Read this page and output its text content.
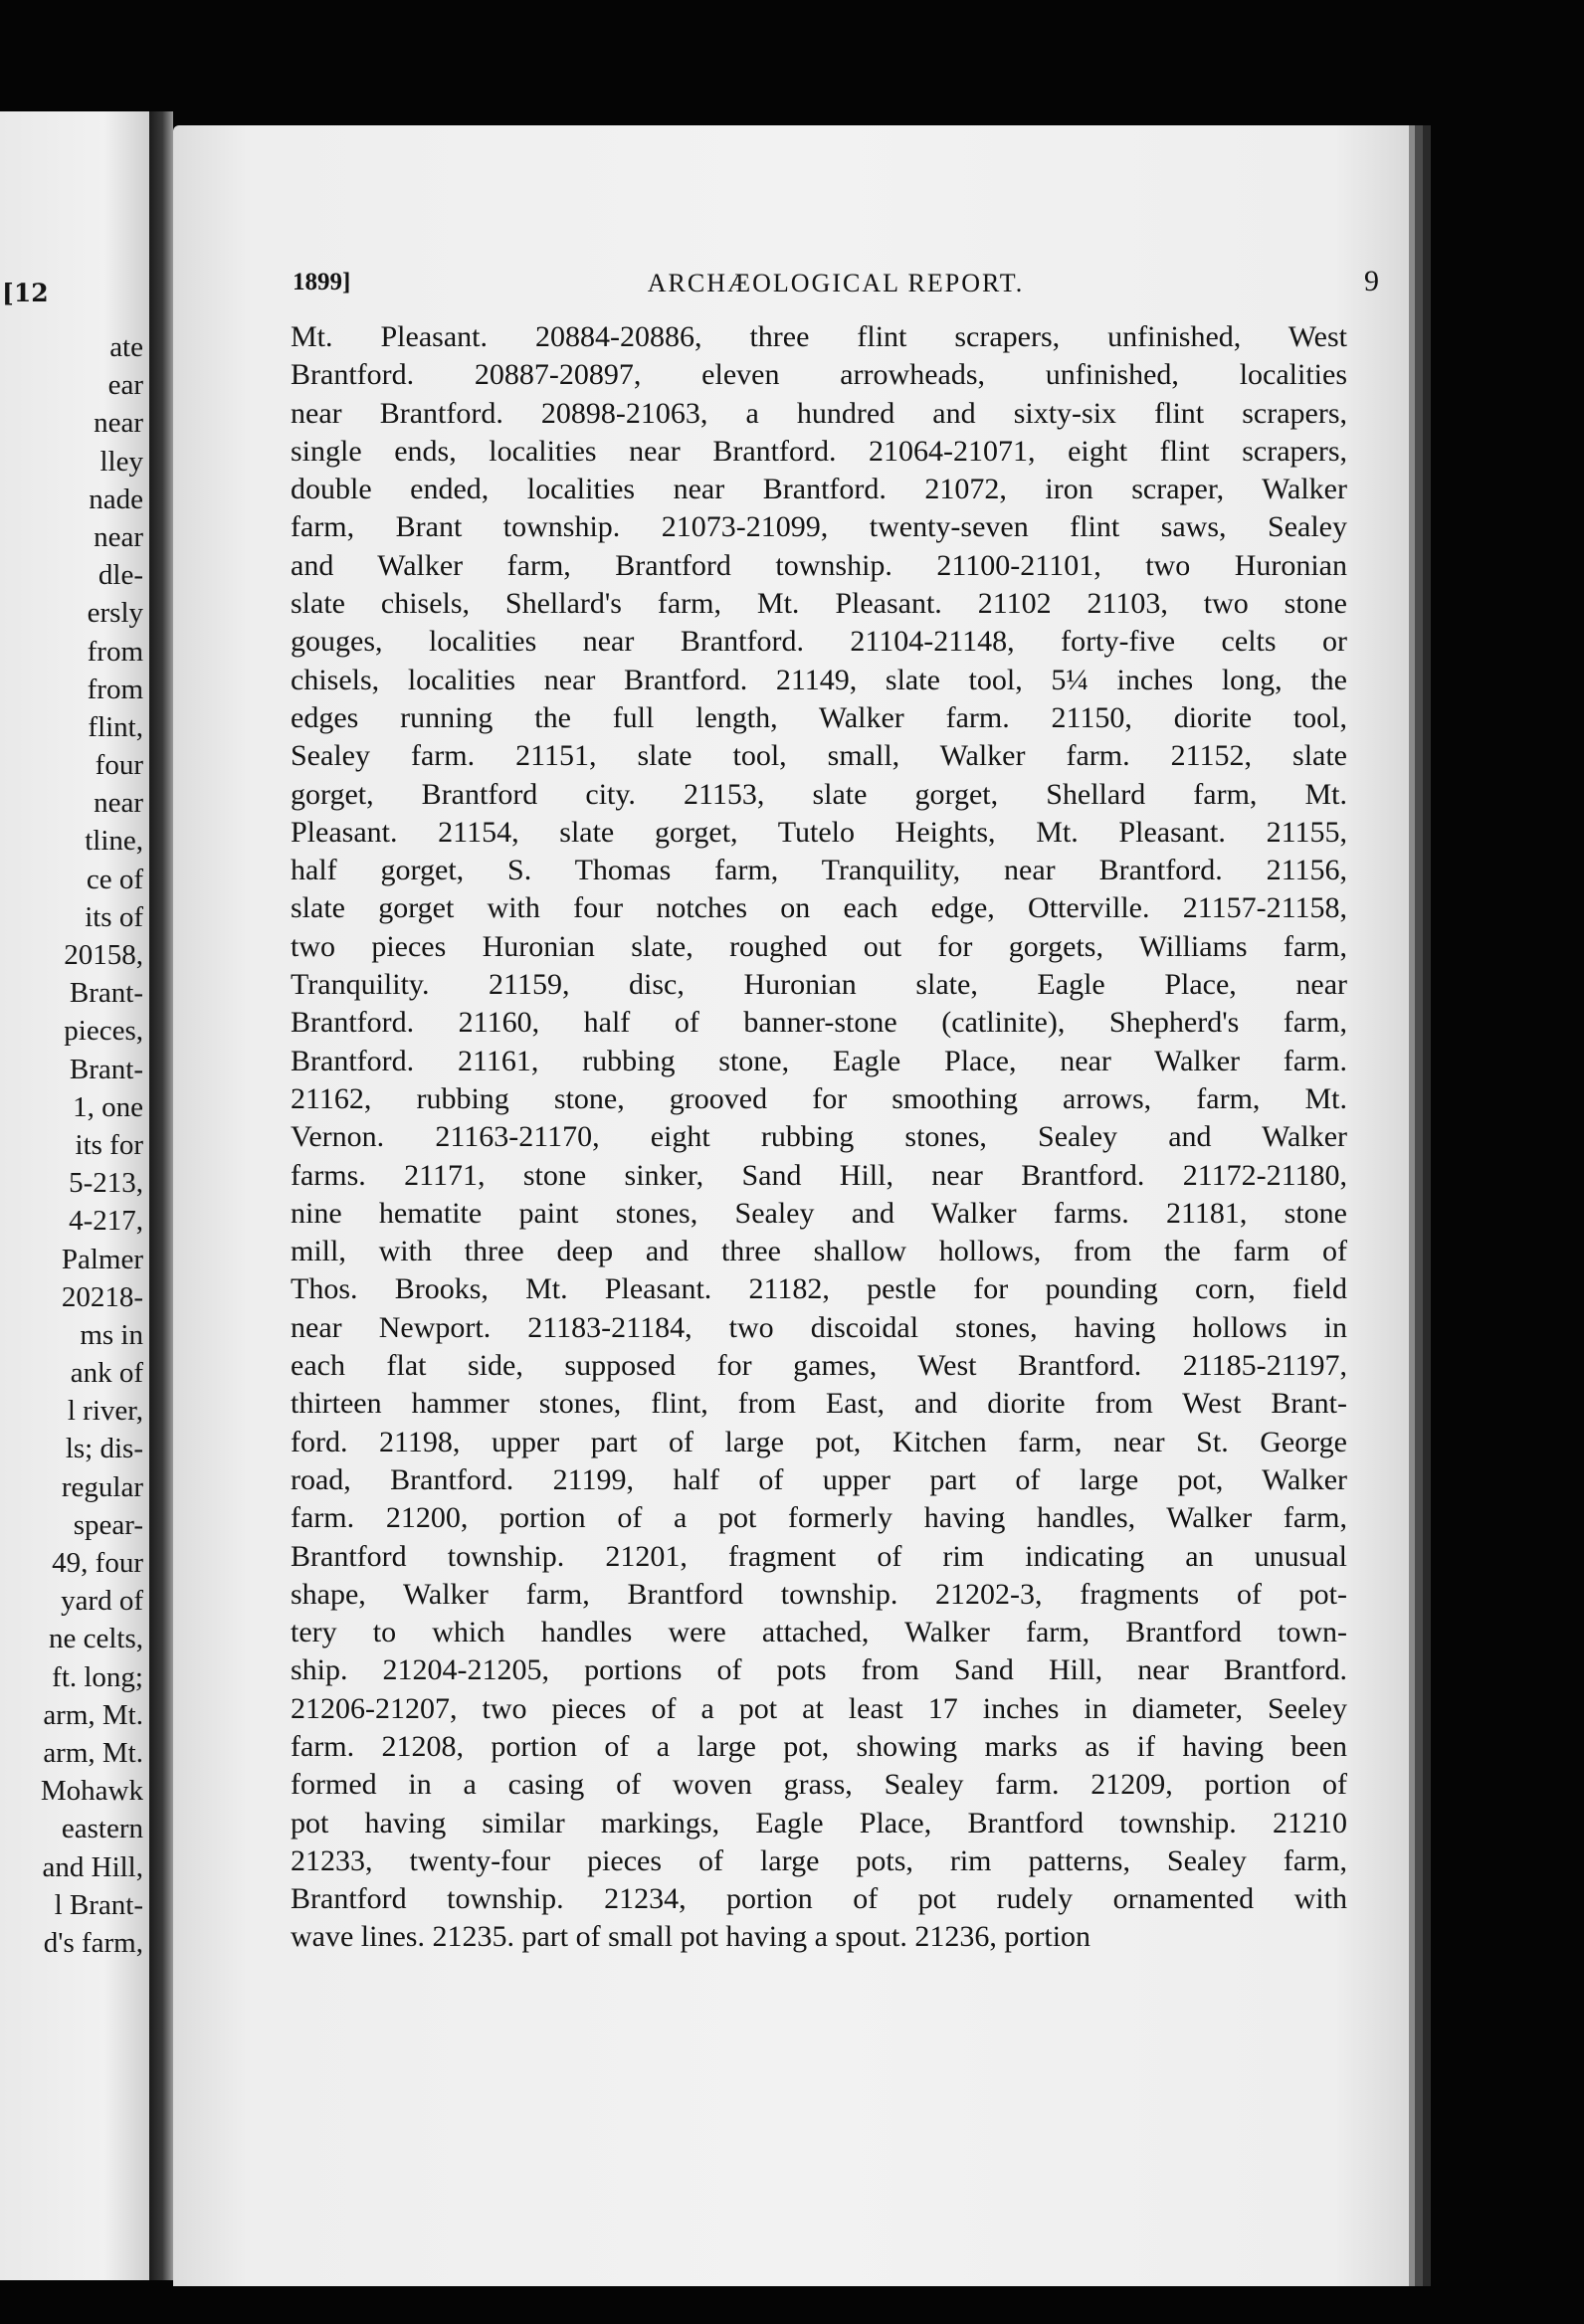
[12
ate
ear
near
lley
nade
near
dle-
ersly
from
from
flint,
four
near
tline,
ce of
its of
20158,
Brant-
pieces,
Brant-
1, one
its for
5-213,
4-217,
Palmer
20218-
ms in
ank of
l river,
ls; dis-
regular
spear-
49, four
yard of
ne celts,
ft. long;
arm, Mt.
arm, Mt.
Mohawk
eastern
and Hill,
l Brant-
d's farm,
1899]	ARCHÆOLOGICAL REPORT.	9
Mt. Pleasant. 20884-20886, three flint scrapers, unfinished, West
Brantford. 20887-20897, eleven arrowheads, unfinished, localities
near Brantford. 20898-21063, a hundred and sixty-six flint scrapers,
single ends, localities near Brantford. 21064-21071, eight flint scrapers,
double ended, localities near Brantford. 21072, iron scraper, Walker
farm, Brant township. 21073-21099, twenty-seven flint saws, Sealey
and Walker farm, Brantford township. 21100-21101, two Huronian
slate chisels, Shellard's farm, Mt. Pleasant. 21102 21103, two stone
gouges, localities near Brantford. 21104-21148, forty-five celts or
chisels, localities near Brantford. 21149, slate tool, 5¼ inches long, the
edges running the full length, Walker farm. 21150, diorite tool,
Sealey farm. 21151, slate tool, small, Walker farm. 21152, slate
gorget, Brantford city. 21153, slate gorget, Shellard farm, Mt.
Pleasant. 21154, slate gorget, Tutelo Heights, Mt. Pleasant. 21155,
half gorget, S. Thomas farm, Tranquility, near Brantford. 21156,
slate gorget with four notches on each edge, Otterville. 21157-21158,
two pieces Huronian slate, roughed out for gorgets, Williams farm,
Tranquility. 21159, disc, Huronian slate, Eagle Place, near
Brantford. 21160, half of banner-stone (catlinite), Shepherd's farm,
Brantford. 21161, rubbing stone, Eagle Place, near Walker farm.
21162, rubbing stone, grooved for smoothing arrows, farm, Mt.
Vernon. 21163-21170, eight rubbing stones, Sealey and Walker
farms. 21171, stone sinker, Sand Hill, near Brantford. 21172-21180,
nine hematite paint stones, Sealey and Walker farms. 21181, stone
mill, with three deep and three shallow hollows, from the farm of
Thos. Brooks, Mt. Pleasant. 21182, pestle for pounding corn, field
near Newport. 21183-21184, two discoidal stones, having hollows in
each flat side, supposed for games, West Brantford. 21185-21197,
thirteen hammer stones, flint, from East, and diorite from West Brant-
ford. 21198, upper part of large pot, Kitchen farm, near St. George
road, Brantford. 21199, half of upper part of large pot, Walker
farm. 21200, portion of a pot formerly having handles, Walker farm,
Brantford township. 21201, fragment of rim indicating an unusual
shape, Walker farm, Brantford township. 21202-3, fragments of pot-
tery to which handles were attached, Walker farm, Brantford town-
ship. 21204-21205, portions of pots from Sand Hill, near Brantford.
21206-21207, two pieces of a pot at least 17 inches in diameter, Seeley
farm. 21208, portion of a large pot, showing marks as if having been
formed in a casing of woven grass, Sealey farm. 21209, portion of
pot having similar markings, Eagle Place, Brantford township. 21210
21233, twenty-four pieces of large pots, rim patterns, Sealey farm,
Brantford township. 21234, portion of pot rudely ornamented with
wave lines. 21235. part of small pot having a spout. 21236, portion
